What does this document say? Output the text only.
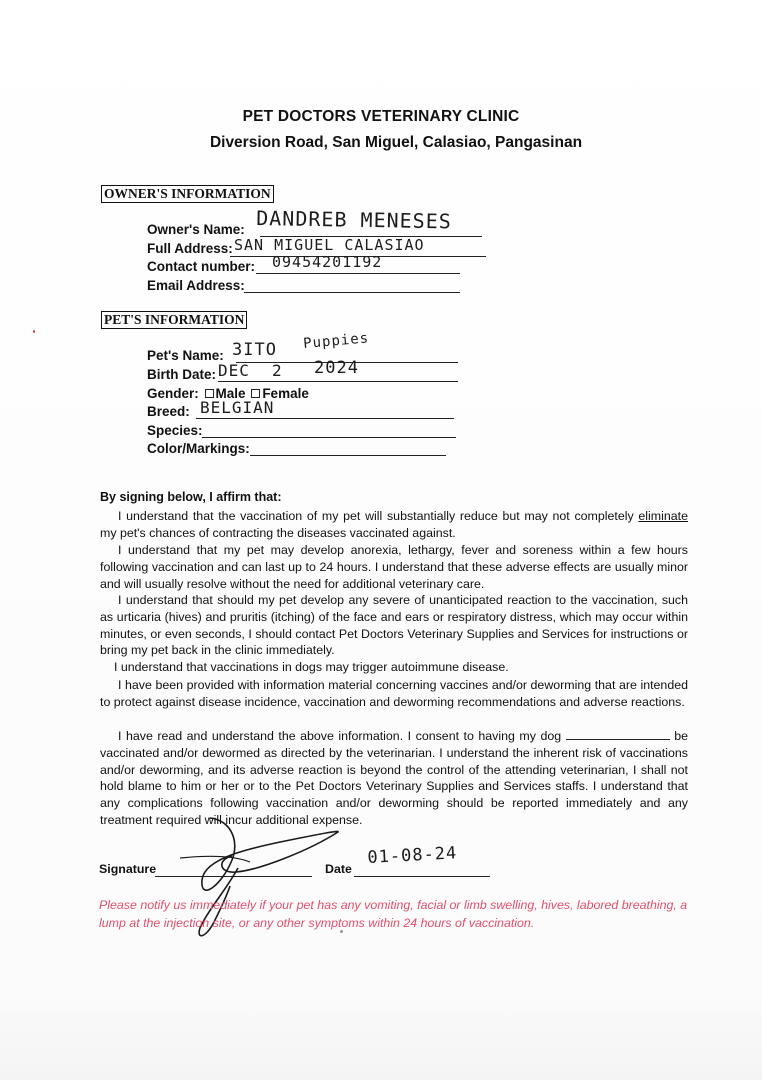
PET DOCTORS VETERINARY CLINIC
Diversion Road, San Miguel, Calasiao, Pangasinan
OWNER'S INFORMATION
Owner's Name: DANDREB MENESES
Full Address: SAN MIGUEL CALASIAO
Contact number: 09454201192
Email Address:
PET'S INFORMATION
Pet's Name: 3ITO Puppies
Birth Date: DEC 2 2024
Gender: Male Female
Breed: BELGIAN
Species:
Color/Markings:
By signing below, I affirm that:
I understand that the vaccination of my pet will substantially reduce but may not completely eliminate my pet's chances of contracting the diseases vaccinated against.
I understand that my pet may develop anorexia, lethargy, fever and soreness within a few hours following vaccination and can last up to 24 hours. I understand that these adverse effects are usually minor and will usually resolve without the need for additional veterinary care.
I understand that should my pet develop any severe of unanticipated reaction to the vaccination, such as urticaria (hives) and pruritis (itching) of the face and ears or respiratory distress, which may occur within minutes, or even seconds, I should contact Pet Doctors Veterinary Supplies and Services for instructions or bring my pet back in the clinic immediately.
I understand that vaccinations in dogs may trigger autoimmune disease.
I have been provided with information material concerning vaccines and/or deworming that are intended to protect against disease incidence, vaccination and deworming recommendations and adverse reactions.
I have read and understand the above information. I consent to having my dog	be vaccinated and/or dewormed as directed by the veterinarian. I understand the inherent risk of vaccinations and/or deworming, and its adverse reaction is beyond the control of the attending veterinarian, I shall not hold blame to him or her or to the Pet Doctors Veterinary Supplies and Services staffs. I understand that any complications following vaccination and/or deworming should be reported immediately and any treatment required will incur additional expense.
Signature	Date
01-08-24
Please notify us immediately if your pet has any vomiting, facial or limb swelling, hives, labored breathing, a lump at the injection site, or any other symptoms within 24 hours of vaccination.
